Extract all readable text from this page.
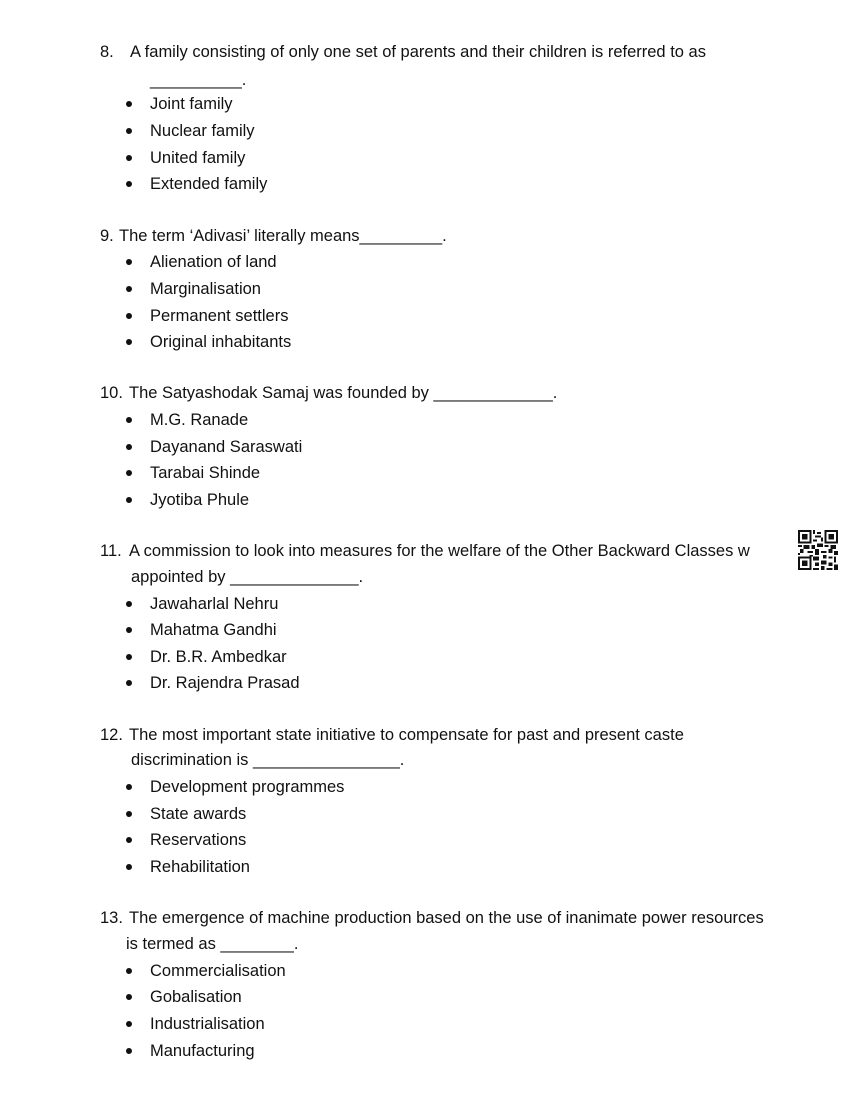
8. A family consisting of only one set of parents and their children is referred to as
__________.
Joint family
Nuclear family
United family
Extended family
9. The term ‘Adivasi’ literally means_________.
Alienation of land
Marginalisation
Permanent settlers
Original inhabitants
10. The Satyashodak Samaj was founded by _____________.
M.G. Ranade
Dayanand Saraswati
Tarabai Shinde
Jyotiba Phule
11. A commission to look into measures for the welfare of the Other Backward Classes w
appointed by ______________.
Jawaharlal Nehru
Mahatma Gandhi
Dr. B.R. Ambedkar
Dr. Rajendra Prasad
12. The most important state initiative to compensate for past and present caste
discrimination is ________________.
Development programmes
State awards
Reservations
Rehabilitation
13. The emergence of machine production based on the use of inanimate power resources
is termed as ________.
Commercialisation
Gobalisation
Industrialisation
Manufacturing
